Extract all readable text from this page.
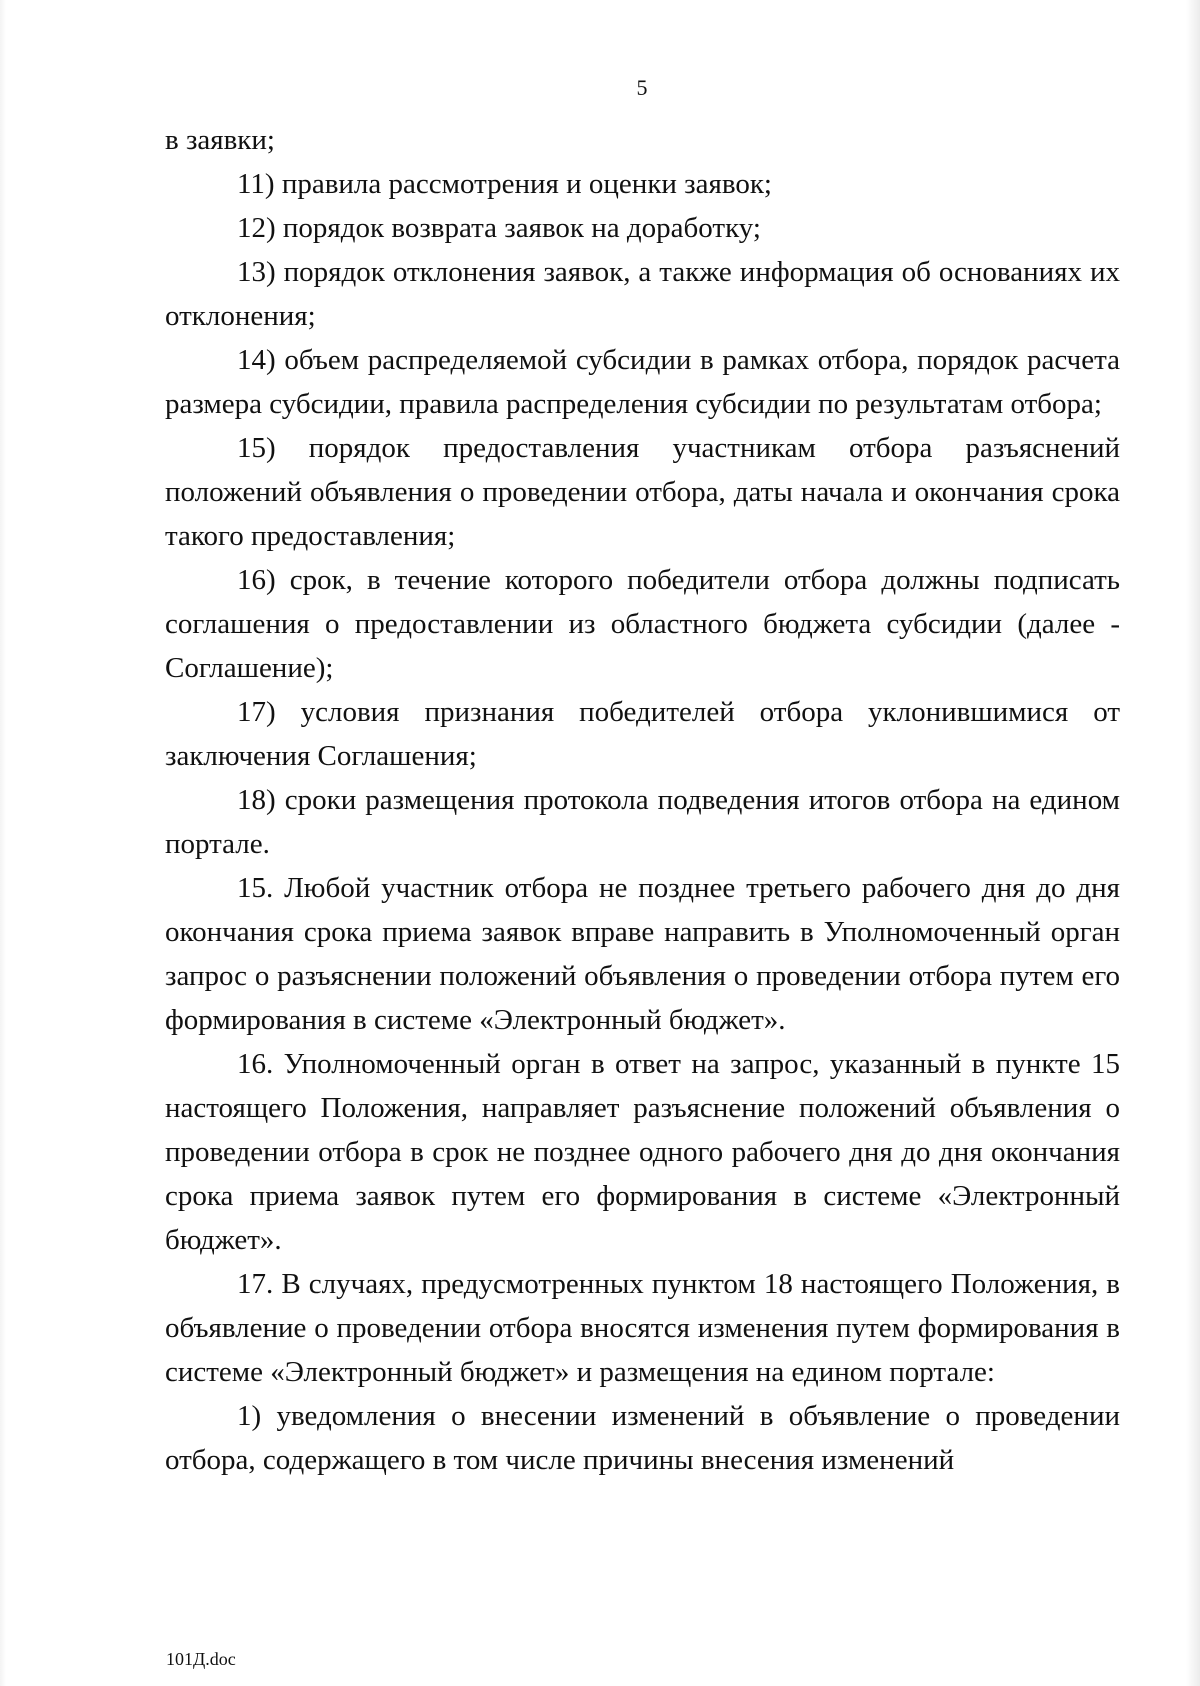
5

в заявки;

11) правила рассмотрения и оценки заявок;

12) порядок возврата заявок на доработку;

13) порядок отклонения заявок, а также информация об основаниях их отклонения;

14) объем распределяемой субсидии в рамках отбора, порядок расчета размера субсидии, правила распределения субсидии по результатам отбора;

15) порядок предоставления участникам отбора разъяснений положений объявления о проведении отбора, даты начала и окончания срока такого предоставления;

16) срок, в течение которого победители отбора должны подписать соглашения о предоставлении из областного бюджета субсидии (далее - Соглашение);

17) условия признания победителей отбора уклонившимися от заключения Соглашения;

18) сроки размещения протокола подведения итогов отбора на едином портале.

15. Любой участник отбора не позднее третьего рабочего дня до дня окончания срока приема заявок вправе направить в Уполномоченный орган запрос о разъяснении положений объявления о проведении отбора путем его формирования в системе «Электронный бюджет».

16. Уполномоченный орган в ответ на запрос, указанный в пункте 15 настоящего Положения, направляет разъяснение положений объявления о проведении отбора в срок не позднее одного рабочего дня до дня окончания срока приема заявок путем его формирования в системе «Электронный бюджет».

17. В случаях, предусмотренных пунктом 18 настоящего Положения, в объявление о проведении отбора вносятся изменения путем формирования в системе «Электронный бюджет» и размещения на едином портале:

1) уведомления о внесении изменений в объявление о проведении отбора, содержащего в том числе причины внесения изменений

101Д.doc
